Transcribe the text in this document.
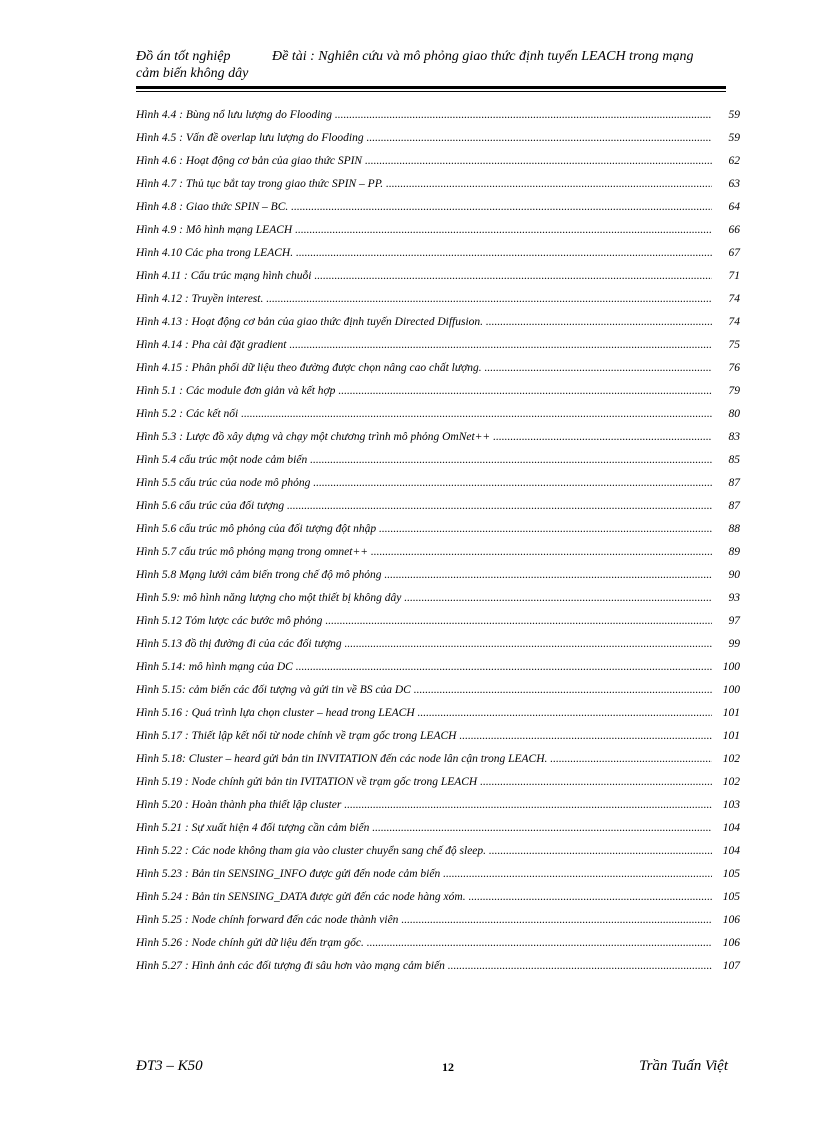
Đồ án tốt nghiệp
cảm biến không dây
Đề tài : Nghiên cứu và mô phỏng giao thức định tuyến LEACH trong mạng
Hình 4.4 : Bùng nổ lưu lượng do Flooding .....	59
Hình 4.5 : Vấn đề overlap lưu lượng do Flooding .....	59
Hình 4.6 : Hoạt động cơ bản của giao thức SPIN .....	62
Hình 4.7 : Thủ tục bắt tay trong giao thức SPIN – PP. .....	63
Hình 4.8 : Giao thức SPIN – BC. .....	64
Hình 4.9 : Mô hình mạng LEACH .....	66
Hình 4.10 Các pha trong LEACH. .....	67
Hình 4.11 : Cấu trúc mạng hình chuỗi .....	71
Hình 4.12 : Truyền interest. .....	74
Hình 4.13 : Hoạt động cơ bản của giao thức định tuyến Directed Diffusion. .....	74
Hình 4.14 : Pha cài đặt gradient .....	75
Hình 4.15 : Phân phối dữ liệu theo đường được chọn nâng cao chất lượng. .....	76
Hình 5.1 : Các module đơn giản và kết hợp .....	79
Hình 5.2 : Các kết nối .....	80
Hình 5.3 : Lược đồ xây dựng và chạy một chương trình mô phỏng OmNet++ .....	83
Hình 5.4 cấu trúc một node cảm biến .....	85
Hình 5.5 cấu trúc của node mô phỏng .....	87
Hình 5.6 cấu trúc của đối tượng .....	87
Hình 5.6 cấu trúc mô phỏng của đối tượng đột nhập .....	88
Hình 5.7 cấu trúc mô phỏng mạng trong omnet++ .....	89
Hình 5.8 Mạng lưới cảm biến trong chế độ mô phỏng .....	90
Hình 5.9: mô hình năng lượng cho một thiết bị không dây .....	93
Hình 5.12 Tóm lược các bước mô phỏng .....	97
Hình 5.13 đồ thị đường đi của các đối tượng .....	99
Hình 5.14: mô hình mạng của DC .....	100
Hình 5.15: cảm biến các đối tượng và gửi tin về BS của DC .....	100
Hình 5.16 : Quá trình lựa chọn cluster – head trong LEACH .....	101
Hình 5.17 : Thiết lập kết nối từ node chính về trạm gốc trong LEACH .....	101
Hình 5.18: Cluster – heard gửi bản tin INVITATION đến các node lân cận trong LEACH. .....	102
Hình 5.19 : Node chính gửi bản tin IVITATION về trạm gốc trong LEACH .....	102
Hình 5.20 : Hoàn thành pha thiết lập cluster .....	103
Hình 5.21 : Sự xuất hiện 4 đối tượng cần cảm biến .....	104
Hình 5.22 : Các node không tham gia vào cluster chuyển sang chế độ sleep. .....	104
Hình 5.23 : Bản tin SENSING_INFO được gửi đến node cảm biến .....	105
Hình 5.24 : Bản tin SENSING_DATA được gửi đến các node hàng xóm. .....	105
Hình 5.25 : Node chính forward đến các node thành viên .....	106
Hình 5.26 : Node chính gửi dữ liệu đến trạm gốc. .....	106
Hình 5.27 : Hình ảnh các đối tượng đi sâu hơn vào mạng cảm biến .....	107
ĐT3 – K50	12	Trần Tuấn Việt
